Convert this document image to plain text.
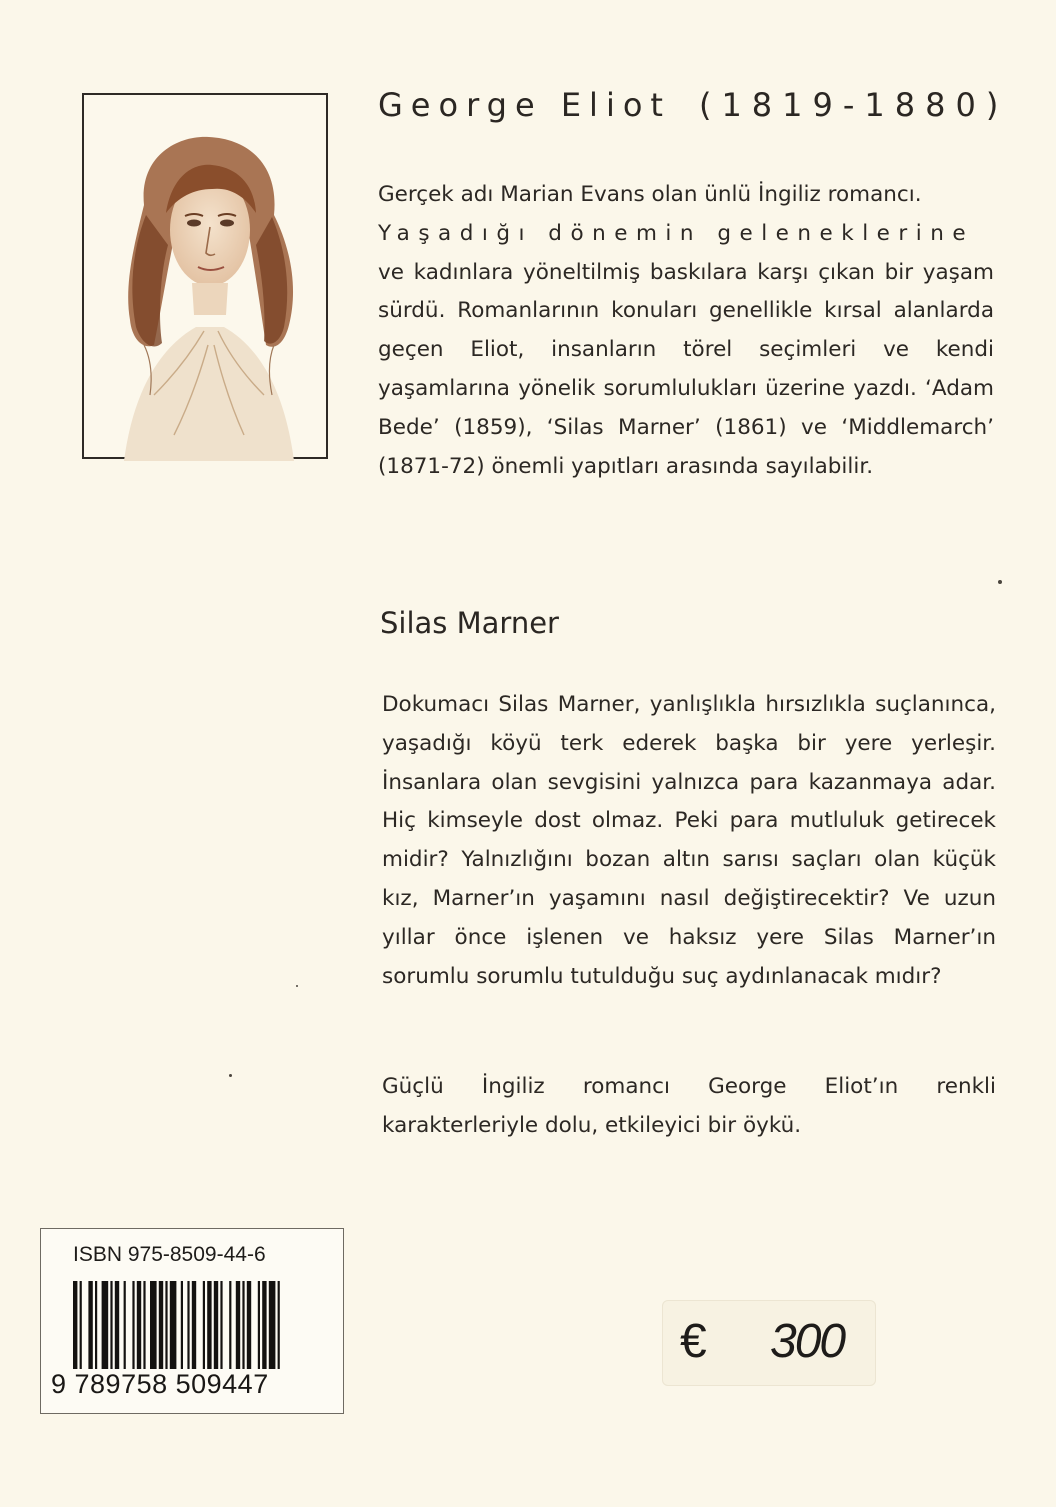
George Eliot (1819-1880)
Gerçek adı Marian Evans olan ünlü İngiliz romancı.
Yaşadığı dönemin geleneklerine
ve kadınlara yöneltilmiş baskılara karşı çıkan bir yaşam sürdü. Romanlarının konuları genellikle kırsal alanlarda geçen Eliot, insanların törel seçimleri ve kendi yaşamlarına yönelik sorumlulukları üzerine yazdı. ‘Adam Bede’ (1859), ‘Silas Marner’ (1861) ve ‘Middlemarch’ (1871-72) önemli yapıtları arasında sayılabilir.
Silas Marner
Dokumacı Silas Marner, yanlışlıkla hırsızlıkla suçlanınca, yaşadığı köyü terk ederek başka bir yere yerleşir. İnsanlara olan sevgisini yalnızca para kazanmaya adar. Hiç kimseyle dost olmaz. Peki para mutluluk getirecek midir? Yalnızlığını bozan altın sarısı saçları olan küçük kız, Marner’ın yaşamını nasıl değiştirecektir? Ve uzun yıllar önce işlenen ve haksız yere Silas Marner’ın sorumlu sorumlu tutulduğu suç aydınlanacak mıdır?
Güçlü İngiliz romancı George Eliot’ın renkli karakterleriyle dolu, etkileyici bir öykü.
ISBN 975-8509-44-6
9 789758 509447
€ 300
